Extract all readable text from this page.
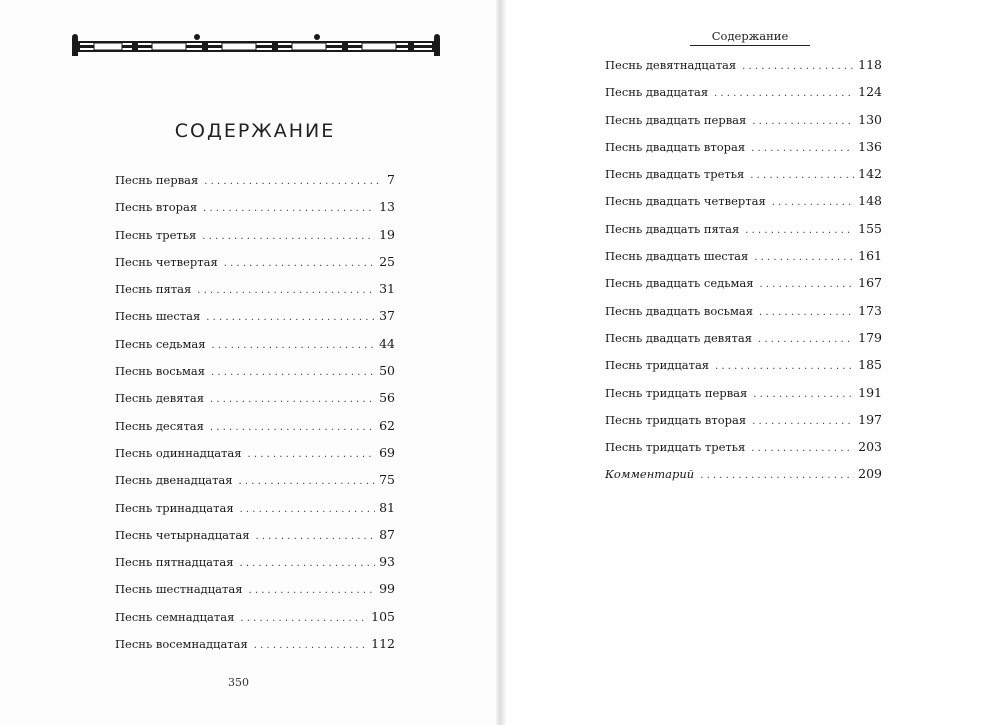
СОДЕРЖАНИЕ
Песнь первая . . .	7
Песнь вторая . . .	13
Песнь третья . . .	19
Песнь четвертая . . .	25
Песнь пятая . . .	31
Песнь шестая . . .	37
Песнь седьмая . . .	44
Песнь восьмая . . .	50
Песнь девятая . . .	56
Песнь десятая . . .	62
Песнь одиннадцатая . . .	69
Песнь двенадцатая . . .	75
Песнь тринадцатая . . .	81
Песнь четырнадцатая . . .	87
Песнь пятнадцатая . . .	93
Песнь шестнадцатая . . .	99
Песнь семнадцатая . . .	105
Песнь восемнадцатая . . .	112
350
Содержание
Песнь девятнадцатая . . .	118
Песнь двадцатая . . .	124
Песнь двадцать первая . . .	130
Песнь двадцать вторая . . .	136
Песнь двадцать третья . . .	142
Песнь двадцать четвертая . . .	148
Песнь двадцать пятая . . .	155
Песнь двадцать шестая . . .	161
Песнь двадцать седьмая . . .	167
Песнь двадцать восьмая . . .	173
Песнь двадцать девятая . . .	179
Песнь тридцатая . . .	185
Песнь тридцать первая . . .	191
Песнь тридцать вторая . . .	197
Песнь тридцать третья . . .	203
Комментарий . . .	209
